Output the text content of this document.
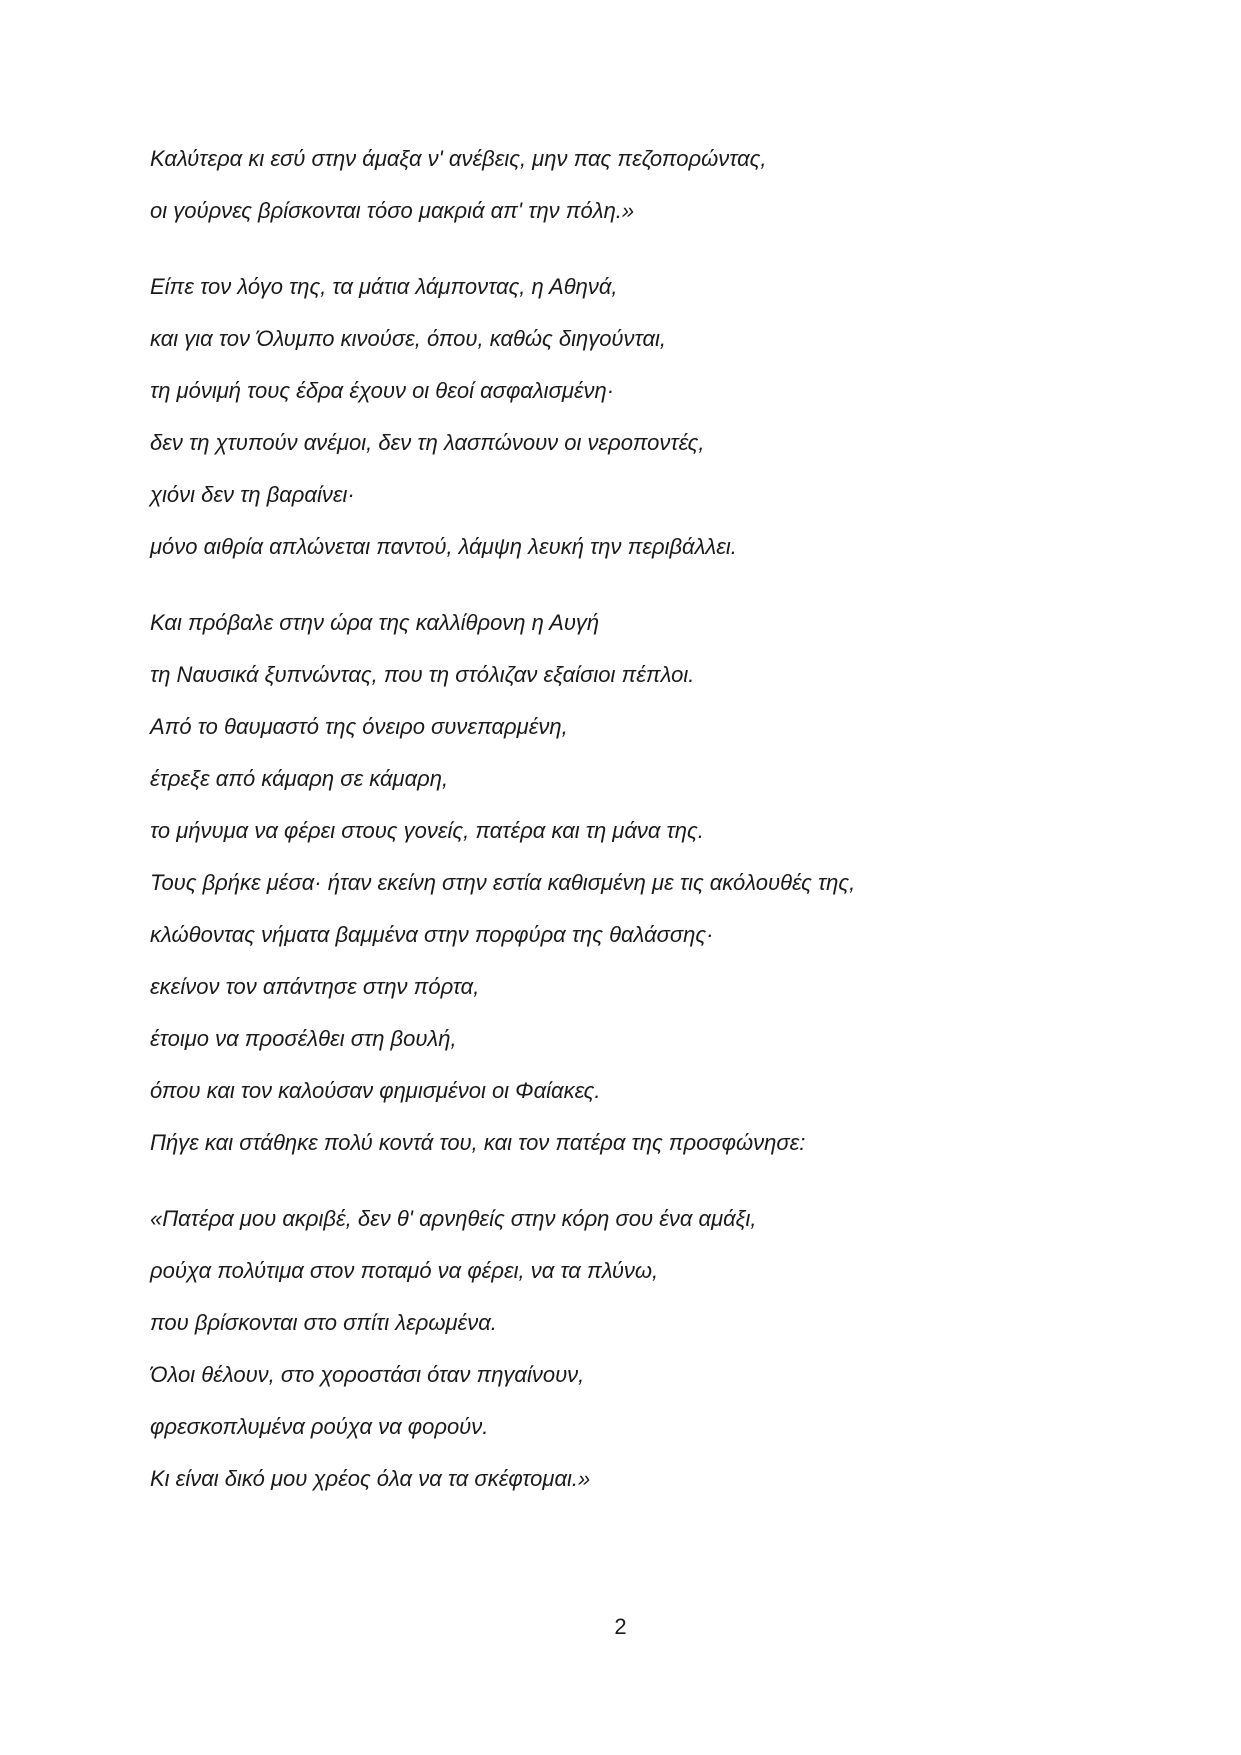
Καλύτερα κι εσύ στην άμαξα ν' ανέβεις, μην πας πεζοπορώντας,
οι γούρνες βρίσκονται τόσο μακριά απ' την πόλη.»
Είπε τον λόγο της, τα μάτια λάμποντας, η Αθηνά,
και για τον Όλυμπο κινούσε, όπου, καθώς διηγούνται,
τη μόνιμή τους έδρα έχουν οι θεοί ασφαλισμένη·
δεν τη χτυπούν ανέμοι, δεν τη λασπώνουν οι νεροποντές,
χιόνι δεν τη βαραίνει·
μόνο αιθρία απλώνεται παντού, λάμψη λευκή την περιβάλλει.
Και πρόβαλε στην ώρα της καλλίθρονη η Αυγή
τη Ναυσικά ξυπνώντας, που τη στόλιζαν εξαίσιοι πέπλοι.
Από το θαυμαστό της όνειρο συνεπαρμένη,
έτρεξε από κάμαρη σε κάμαρη,
το μήνυμα να φέρει στους γονείς, πατέρα και τη μάνα της.
Τους βρήκε μέσα· ήταν εκείνη στην εστία καθισμένη με τις ακόλουθές της,
κλώθοντας νήματα βαμμένα στην πορφύρα της θαλάσσης·
εκείνον τον απάντησε στην πόρτα,
έτοιμο να προσέλθει στη βουλή,
όπου και τον καλούσαν φημισμένοι οι Φαίακες.
Πήγε και στάθηκε πολύ κοντά του, και τον πατέρα της προσφώνησε:
«Πατέρα μου ακριβέ, δεν θ' αρνηθείς στην κόρη σου ένα αμάξι,
ρούχα πολύτιμα στον ποταμό να φέρει, να τα πλύνω,
που βρίσκονται στο σπίτι λερωμένα.
Όλοι θέλουν, στο χοροστάσι όταν πηγαίνουν,
φρεσκοπλυμένα ρούχα να φορούν.
Κι είναι δικό μου χρέος όλα να τα σκέφτομαι.»
2
